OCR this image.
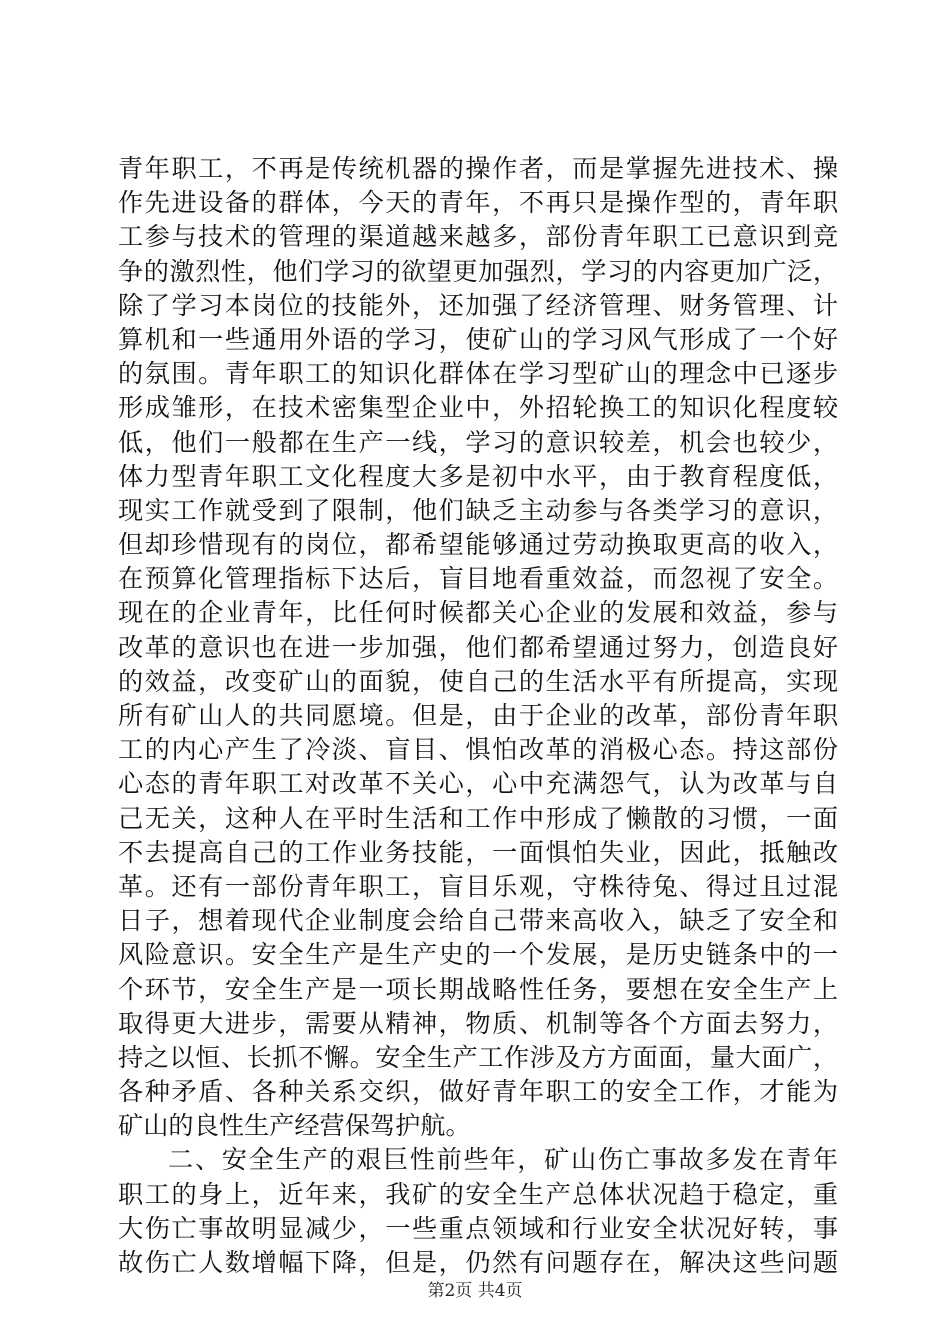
青年职工，不再是传统机器的操作者，而是掌握先进技术、操
作先进设备的群体，今天的青年，不再只是操作型的，青年职
工参与技术的管理的渠道越来越多，部份青年职工已意识到竞
争的激烈性，他们学习的欲望更加强烈，学习的内容更加广泛，
除了学习本岗位的技能外，还加强了经济管理、财务管理、计
算机和一些通用外语的学习，使矿山的学习风气形成了一个好
的氛围。青年职工的知识化群体在学习型矿山的理念中已逐步
形成雏形，在技术密集型企业中，外招轮换工的知识化程度较
低，他们一般都在生产一线，学习的意识较差，机会也较少，
体力型青年职工文化程度大多是初中水平，由于教育程度低，
现实工作就受到了限制，他们缺乏主动参与各类学习的意识，
但却珍惜现有的岗位，都希望能够通过劳动换取更高的收入，
在预算化管理指标下达后，盲目地看重效益，而忽视了安全。
现在的企业青年，比任何时候都关心企业的发展和效益，参与
改革的意识也在进一步加强，他们都希望通过努力，创造良好
的效益，改变矿山的面貌，使自己的生活水平有所提高，实现
所有矿山人的共同愿境。但是，由于企业的改革，部份青年职
工的内心产生了冷淡、盲目、惧怕改革的消极心态。持这部份
心态的青年职工对改革不关心，心中充满怨气，认为改革与自
己无关，这种人在平时生活和工作中形成了懒散的习惯，一面
不去提高自己的工作业务技能，一面惧怕失业，因此，抵触改
革。还有一部份青年职工，盲目乐观，守株待兔、得过且过混
日子，想着现代企业制度会给自己带来高收入，缺乏了安全和
风险意识。安全生产是生产史的一个发展，是历史链条中的一
个环节，安全生产是一项长期战略性任务，要想在安全生产上
取得更大进步，需要从精神，物质、机制等各个方面去努力，
持之以恒、长抓不懈。安全生产工作涉及方方面面，量大面广，
各种矛盾、各种关系交织，做好青年职工的安全工作，才能为
矿山的良性生产经营保驾护航。
二、安全生产的艰巨性前些年，矿山伤亡事故多发在青年
职工的身上，近年来，我矿的安全生产总体状况趋于稳定，重
大伤亡事故明显减少，一些重点领域和行业安全状况好转，事
故伤亡人数增幅下降，但是，仍然有问题存在，解决这些问题
第2页 共4页
